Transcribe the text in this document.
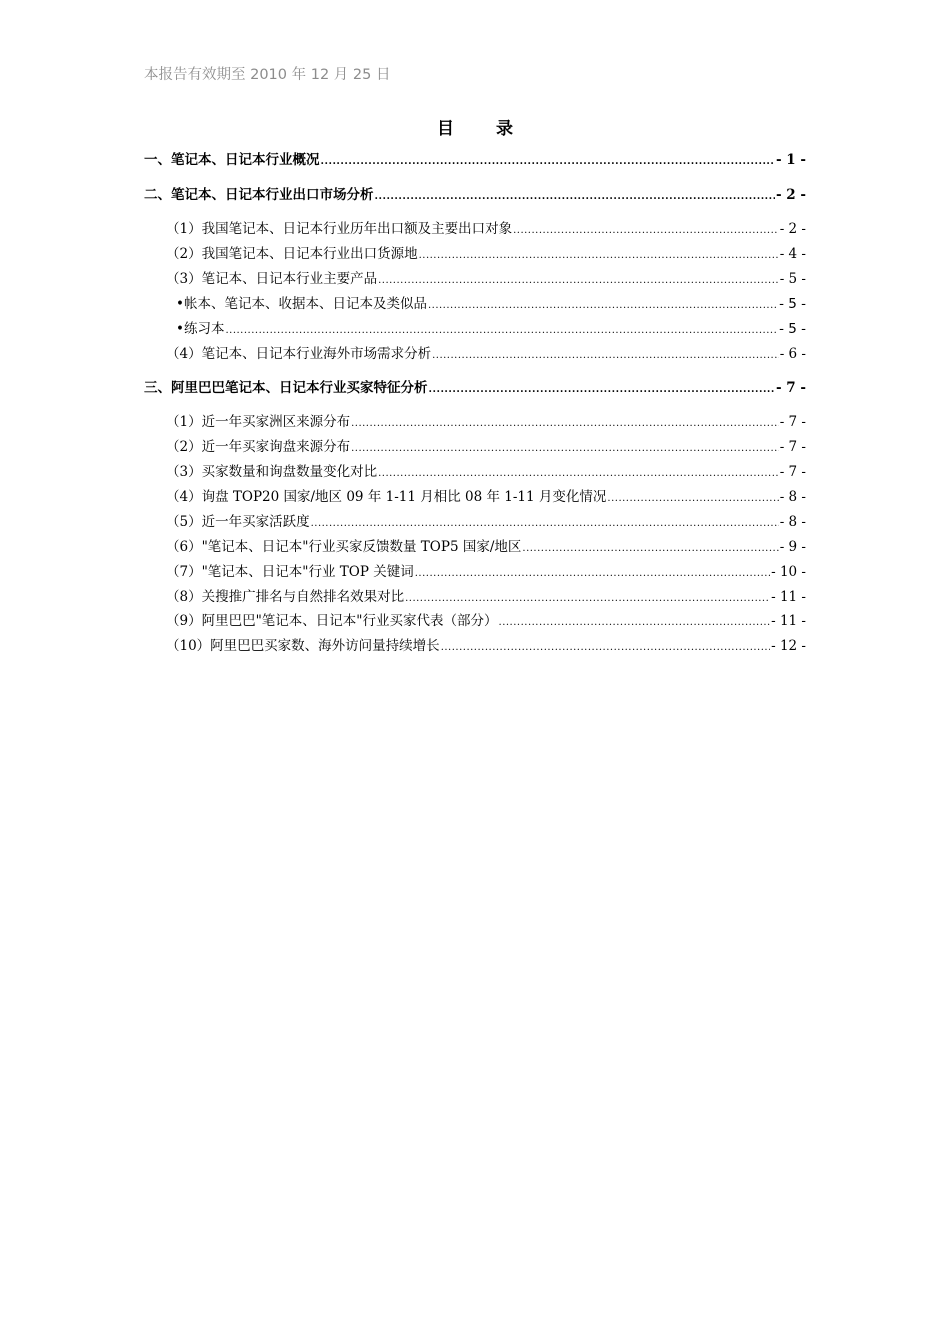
本报告有效期至 2010 年 12 月 25 日
目 录
一、笔记本、日记本行业概况 .....	- 1 -
二、笔记本、日记本行业出口市场分析 .....	- 2 -
（1）我国笔记本、日记本行业历年出口额及主要出口对象 .....	- 2 -
（2）我国笔记本、日记本行业出口货源地 .....	- 4 -
（3）笔记本、日记本行业主要产品 .....	- 5 -
•帐本、笔记本、收据本、日记本及类似品 .....	- 5 -
•练习本 .....	- 5 -
（4）笔记本、日记本行业海外市场需求分析 .....	- 6 -
三、阿里巴巴笔记本、日记本行业买家特征分析 .....	- 7 -
（1）近一年买家洲区来源分布 .....	- 7 -
（2）近一年买家询盘来源分布 .....	- 7 -
（3）买家数量和询盘数量变化对比 .....	- 7 -
（4）询盘 TOP20 国家/地区 09 年 1-11 月相比 08 年 1-11 月变化情况 .....	- 8 -
（5）近一年买家活跃度 .....	- 8 -
（6）"笔记本、日记本"行业买家反馈数量 TOP5 国家/地区 .....	- 9 -
（7）"笔记本、日记本"行业 TOP 关键词 .....	- 10 -
（8）关搜推广排名与自然排名效果对比 .....	- 11 -
（9）阿里巴巴"笔记本、日记本"行业买家代表（部分） .....	- 11 -
（10）阿里巴巴买家数、海外访问量持续增长 .....	- 12 -
